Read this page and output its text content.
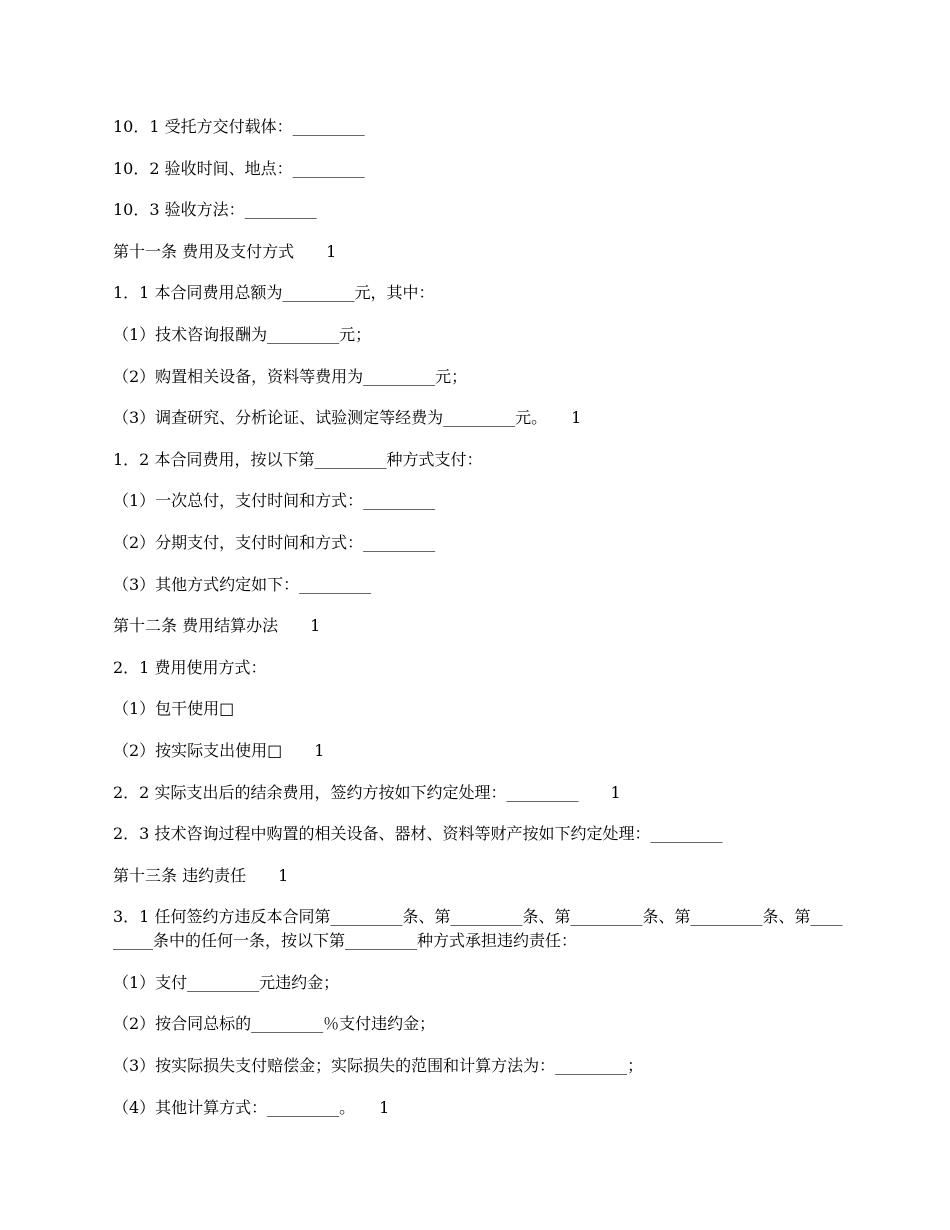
10．1 受托方交付载体：_________

10．2 验收时间、地点：_________

10．3 验收方法：_________

第十一条 费用及支付方式　　1

1．1 本合同费用总额为_________元，其中：

（1）技术咨询报酬为_________元；

（2）购置相关设备，资料等费用为_________元；

（3）调查研究、分析论证、试验测定等经费为_________元。　　1

1．2 本合同费用，按以下第_________种方式支付：

（1）一次总付，支付时间和方式：_________

（2）分期支付，支付时间和方式：_________

（3）其他方式约定如下：_________

第十二条 费用结算办法　　1

2．1 费用使用方式：

（1）包干使用□

（2）按实际支出使用□　　1

2．2 实际支出后的结余费用，签约方按如下约定处理：_________　　1

2．3 技术咨询过程中购置的相关设备、器材、资料等财产按如下约定处理：_________

第十三条 违约责任　　1

3．1 任何签约方违反本合同第_________条、第_________条、第_________条、第_________条、第_________条中的任何一条，按以下第_________种方式承担违约责任：

（1）支付_________元违约金；

（2）按合同总标的_________％支付违约金；

（3）按实际损失支付赔偿金；实际损失的范围和计算方法为：_________；

（4）其他计算方式：_________。　　1
